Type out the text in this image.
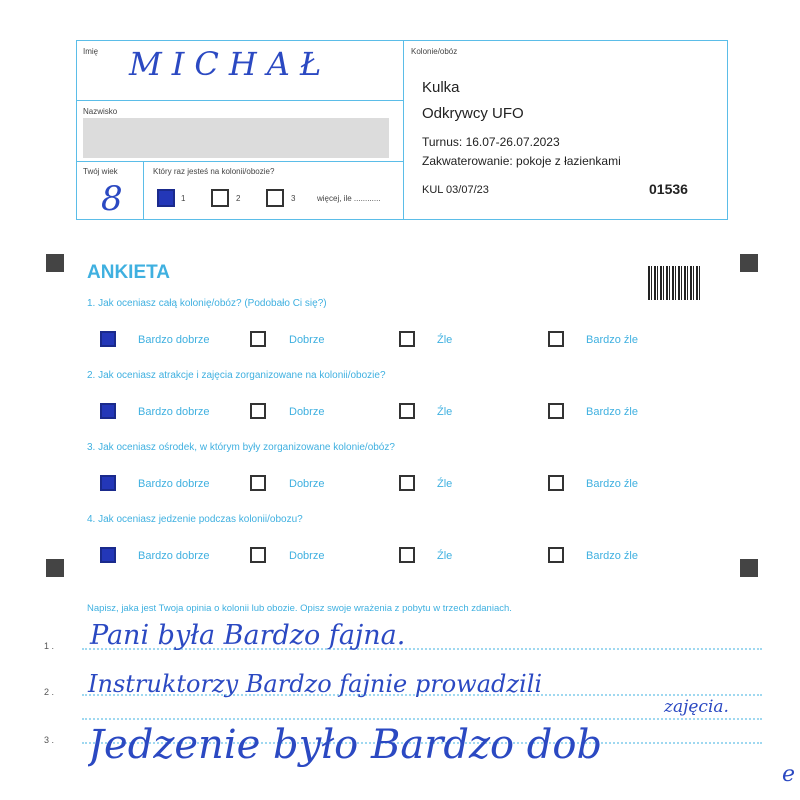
Imię MICHAŁ
Nazwisko
Twój wiek
8
Który raz jesteś na kolonii/obozie?
1	2	3	więcej, ile ............
Kolonie/obóz
Kulka
Odkrywcy UFO
Turnus: 16.07-26.07.2023
Zakwaterowanie: pokoje z łazienkami
KUL 03/07/23	01536
ANKIETA
1. Jak oceniasz całą kolonię/obóz? (Podobało Ci się?)
Bardzo dobrze	Dobrze	Źle	Bardzo źle
2. Jak oceniasz atrakcje i zajęcia zorganizowane na kolonii/obozie?
Bardzo dobrze	Dobrze	Źle	Bardzo źle
3. Jak oceniasz ośrodek, w którym były zorganizowane kolonie/obóz?
Bardzo dobrze	Dobrze	Źle	Bardzo źle
4. Jak oceniasz jedzenie podczas kolonii/obozu?
Bardzo dobrze	Dobrze	Źle	Bardzo źle
Napisz, jaka jest Twoja opinia o kolonii lub obozie. Opisz swoje wrażenia z pobytu w trzech zdaniach.
1 .
2 .
3 .
Pani była Bardzo fajna.
Instruktorzy Bardzo fajnie prowadzili
zajęcia.
Jedzenie było Bardzo dob
e
